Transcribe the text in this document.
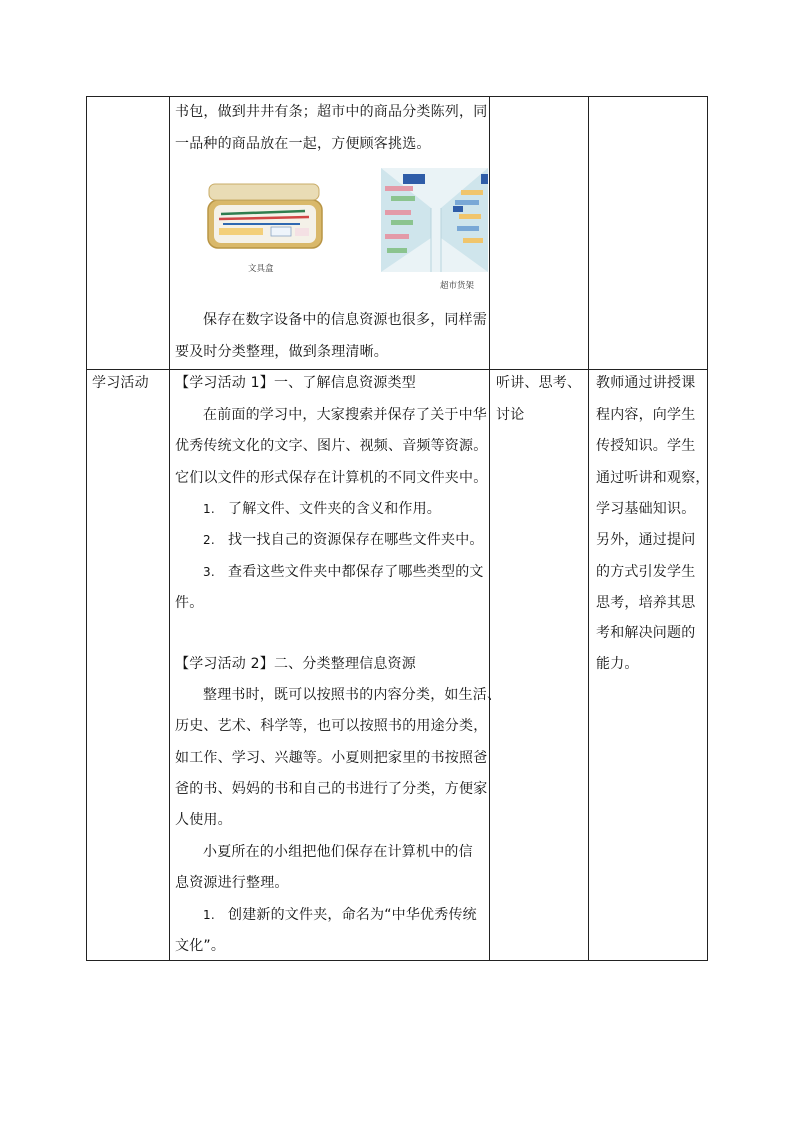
书包，做到井井有条；超市中的商品分类陈列，同
一品种的商品放在一起，方便顾客挑选。
文具盒
超市货架
保存在数字设备中的信息资源也很多，同样需
要及时分类整理，做到条理清晰。
学习活动 【学习活动 1】一、了解信息资源类型
在前面的学习中，大家搜索并保存了关于中华
优秀传统文化的文字、图片、视频、音频等资源。
它们以文件的形式保存在计算机的不同文件夹中。
1. 了解文件、文件夹的含义和作用。
2. 找一找自己的资源保存在哪些文件夹中。
3. 查看这些文件夹中都保存了哪些类型的文
件。
【学习活动 2】二、分类整理信息资源
整理书时，既可以按照书的内容分类，如生活、
历史、艺术、科学等，也可以按照书的用途分类，
如工作、学习、兴趣等。小夏则把家里的书按照爸
爸的书、妈妈的书和自己的书进行了分类，方便家
人使用。
小夏所在的小组把他们保存在计算机中的信
息资源进行整理。
1. 创建新的文件夹，命名为“中华优秀传统
文化”。
听讲、思考、
讨论
教师通过讲授课
程内容，向学生
传授知识。学生
通过听讲和观察，
学习基础知识。
另外，通过提问
的方式引发学生
思考，培养其思
考和解决问题的
能力。
